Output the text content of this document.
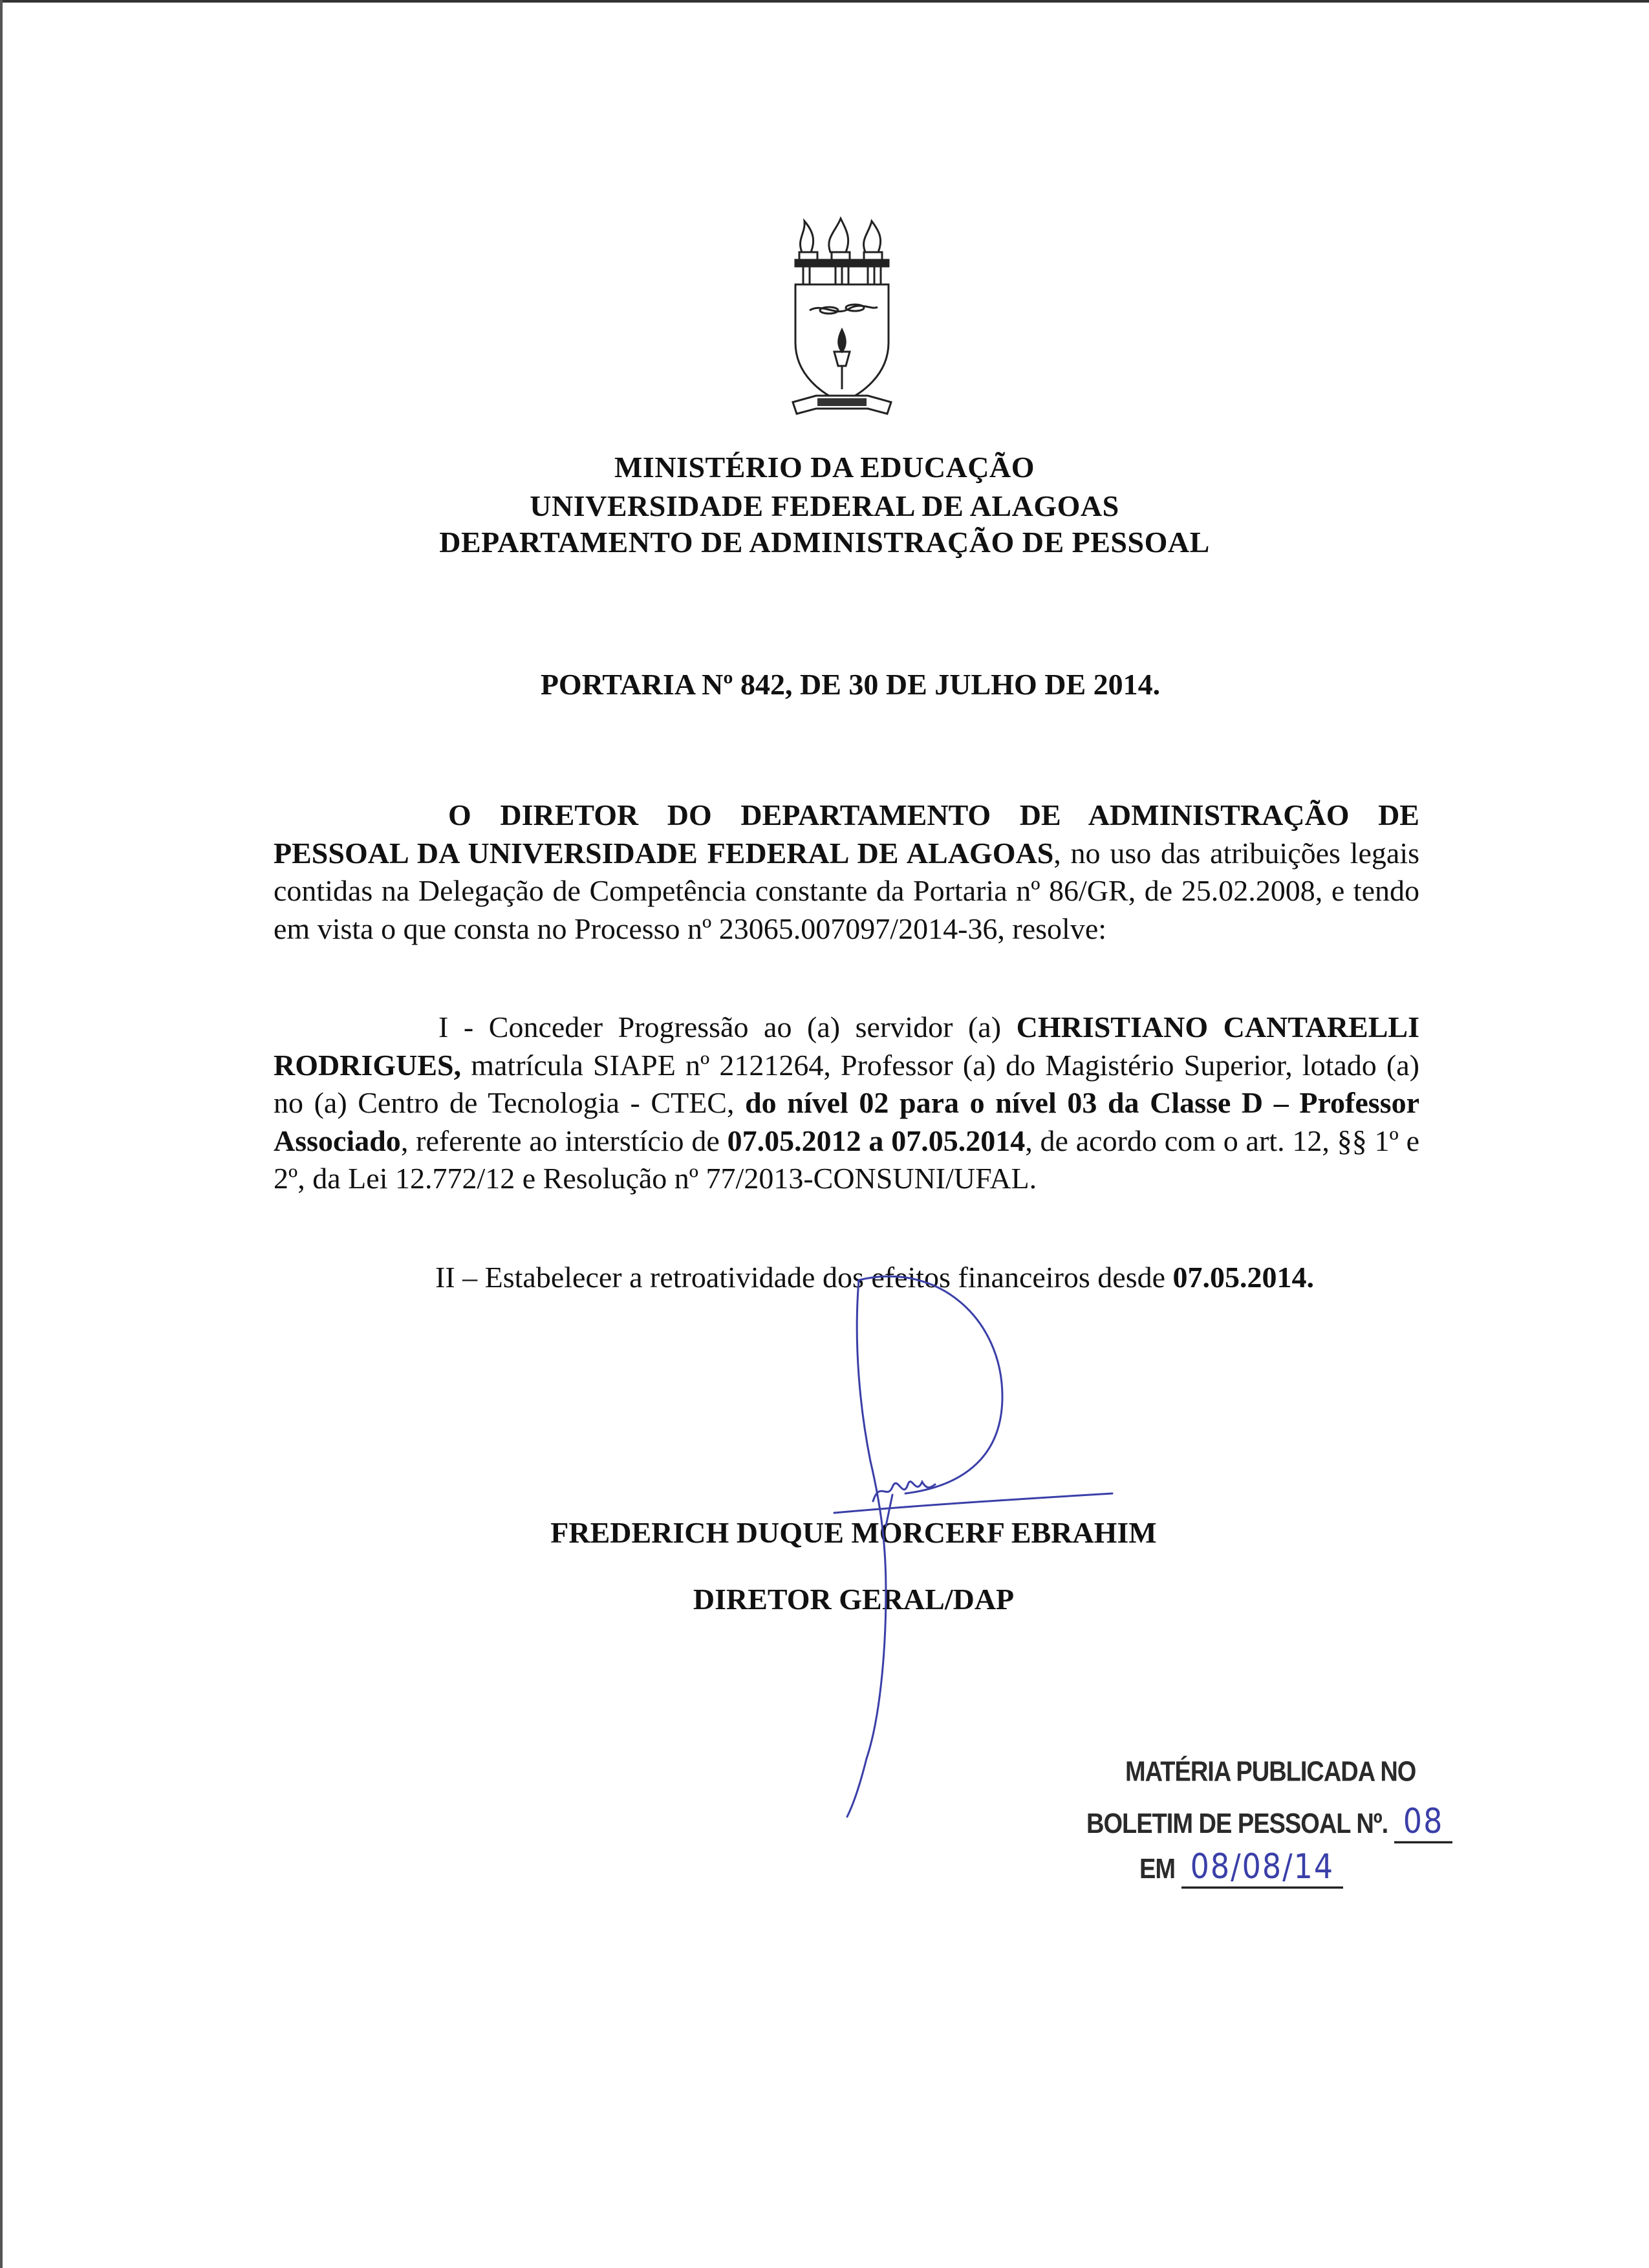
MINISTÉRIO DA EDUCAÇÃO
UNIVERSIDADE FEDERAL DE ALAGOAS
DEPARTAMENTO DE ADMINISTRAÇÃO DE PESSOAL
PORTARIA Nº 842, DE 30 DE JULHO DE 2014.

O DIRETOR DO DEPARTAMENTO DE ADMINISTRAÇÃO DE PESSOAL DA UNIVERSIDADE FEDERAL DE ALAGOAS, no uso das atribuições legais contidas na Delegação de Competência constante da Portaria nº 86/GR, de 25.02.2008, e tendo em vista o que consta no Processo nº 23065.007097/2014-36, resolve:

I - Conceder Progressão ao (a) servidor (a) CHRISTIANO CANTARELLI RODRIGUES, matrícula SIAPE nº 2121264, Professor (a) do Magistério Superior, lotado (a) no (a) Centro de Tecnologia - CTEC, do nível 02 para o nível 03 da Classe D – Professor Associado, referente ao interstício de 07.05.2012 a 07.05.2014, de acordo com o art. 12, §§ 1º e 2º, da Lei 12.772/12 e Resolução nº 77/2013-CONSUNI/UFAL.

II – Estabelecer a retroatividade dos efeitos financeiros desde 07.05.2014.

FREDERICH DUQUE MORCERF EBRAHIM
DIRETOR GERAL/DAP
MATÉRIA PUBLICADA NO
BOLETIM DE PESSOAL Nº. 08
EM 08/08/14
